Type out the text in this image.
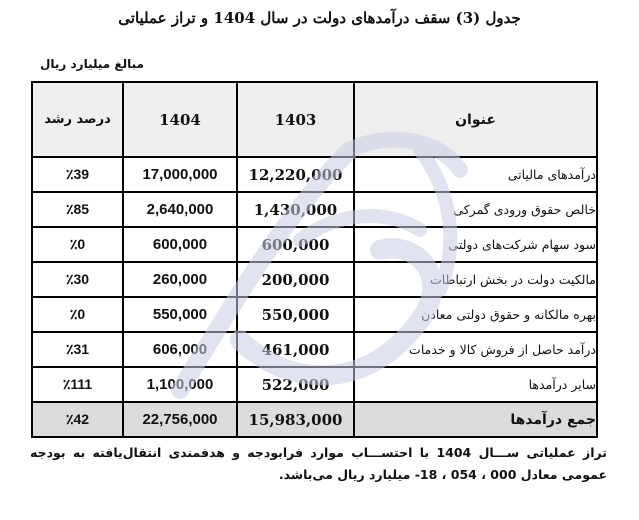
جدول (3) سقف درآمدهای دولت در سال 1404 و تراز عملیاتی
مبالغ میلیارد ریال
عنوان	1403	1404	درصد رشد
درآمدهای مالیاتی	12,220,000	17,000,000	٪39
خالص حقوق ورودی گمرکی	1,430,000	2,640,000	٪85
سود سهام شرکت‌های دولتی	600,000	600,000	٪0
مالکیت دولت در بخش ارتباطات	200,000	260,000	٪30
بهره مالکانه و حقوق دولتی معادن	550,000	550,000	٪0
درآمد حاصل از فروش کالا و خدمات	461,000	606,000	٪31
سایر درآمدها	522,000	1,100,000	٪111
جمع درآمدها	15,983,000	22,756,000	٪42
تراز عملیاتی ســـال 1404 با احتســـاب موارد فرابودجه و هدفمندی انتقال‌یافته به بودجه عمومی معادل 000 ، 054 ، 18- میلیارد ریال می‌باشد.
